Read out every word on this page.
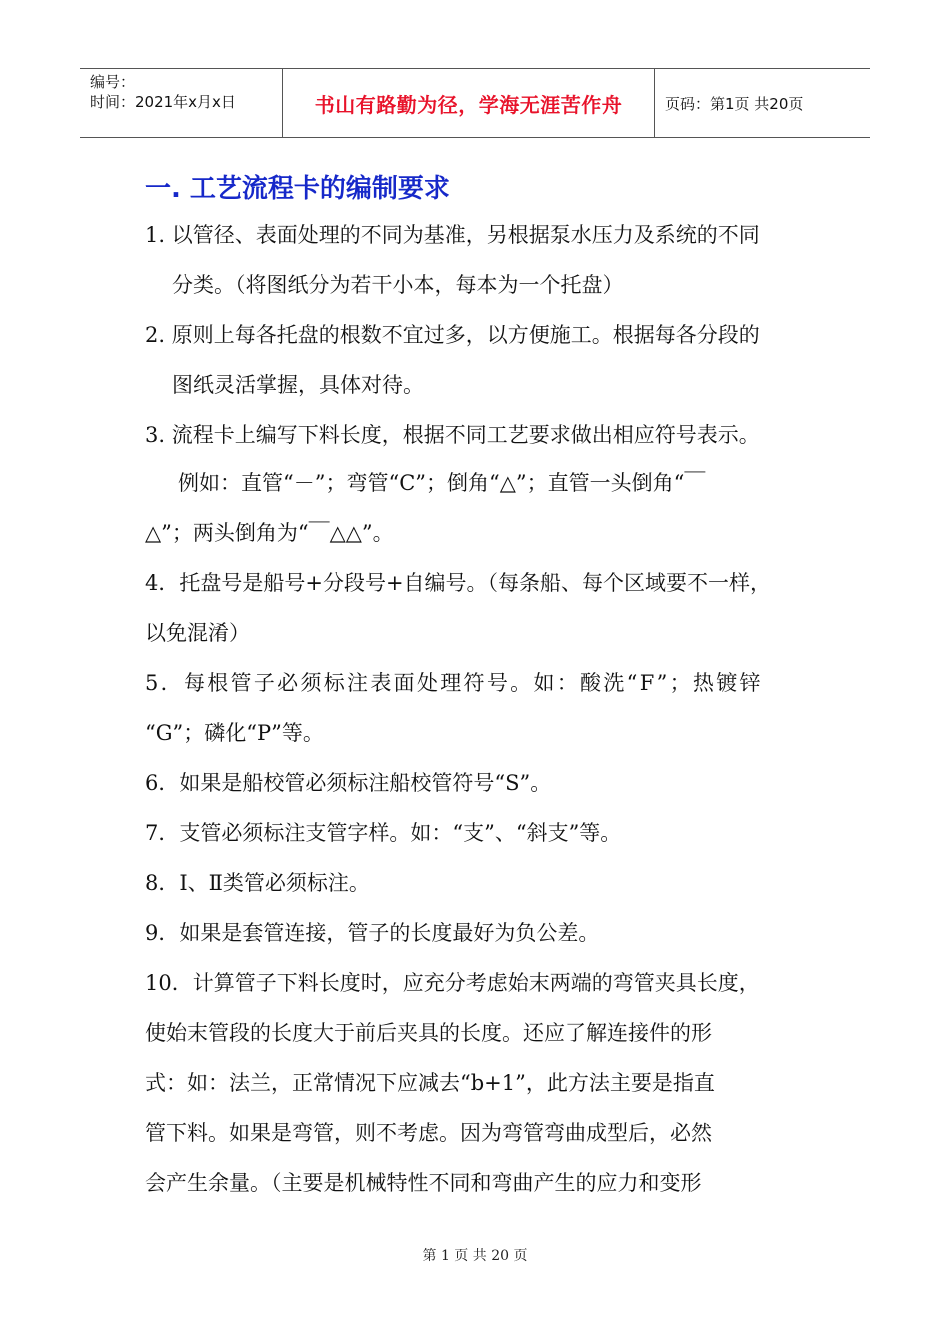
编号：
时间：2021年x月x日	书山有路勤为径，学海无涯苦作舟	页码：第1页 共20页
一. 工艺流程卡的编制要求
1. 以管径、表面处理的不同为基准，另根据泵水压力及系统的不同
分类。（将图纸分为若干小本，每本为一个托盘）
2. 原则上每各托盘的根数不宜过多，以方便施工。根据每各分段的
图纸灵活掌握，具体对待。
3. 流程卡上编写下料长度，根据不同工艺要求做出相应符号表示。
例如：直管“－”；弯管“C”；倒角“△”；直管一头倒角“￣
△”；两头倒角为“￣△△”。
4．托盘号是船号+分段号+自编号。（每条船、每个区域要不一样，
以免混淆）
5．每根管子必须标注表面处理符号。如：酸洗“F”；热镀锌
“G”；磷化“P”等。
6．如果是船校管必须标注船校管符号“S”。
7．支管必须标注支管字样。如：“支”、“斜支”等。
8．Ⅰ、Ⅱ类管必须标注。
9．如果是套管连接，管子的长度最好为负公差。
10．计算管子下料长度时，应充分考虑始末两端的弯管夹具长度，
使始末管段的长度大于前后夹具的长度。还应了解连接件的形
式：如：法兰，正常情况下应减去“b+1”，此方法主要是指直
管下料。如果是弯管，则不考虑。因为弯管弯曲成型后，必然
会产生余量。（主要是机械特性不同和弯曲产生的应力和变形
第 1 页 共 20 页
